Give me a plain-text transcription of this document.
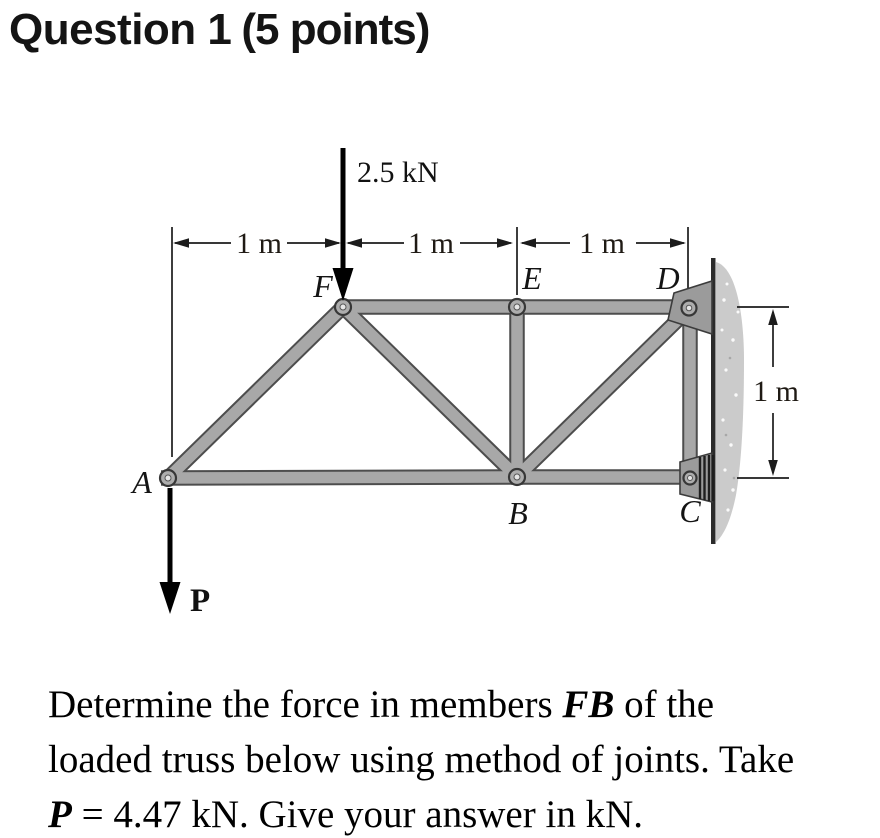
Question 1 (5 points)
1 m	1 m	1 m
1 m
2.5 kN
P
A
F	E	D
B	C
Determine the force in members FB of the
loaded truss below using method of joints. Take
P = 4.47 kN. Give your answer in kN.
